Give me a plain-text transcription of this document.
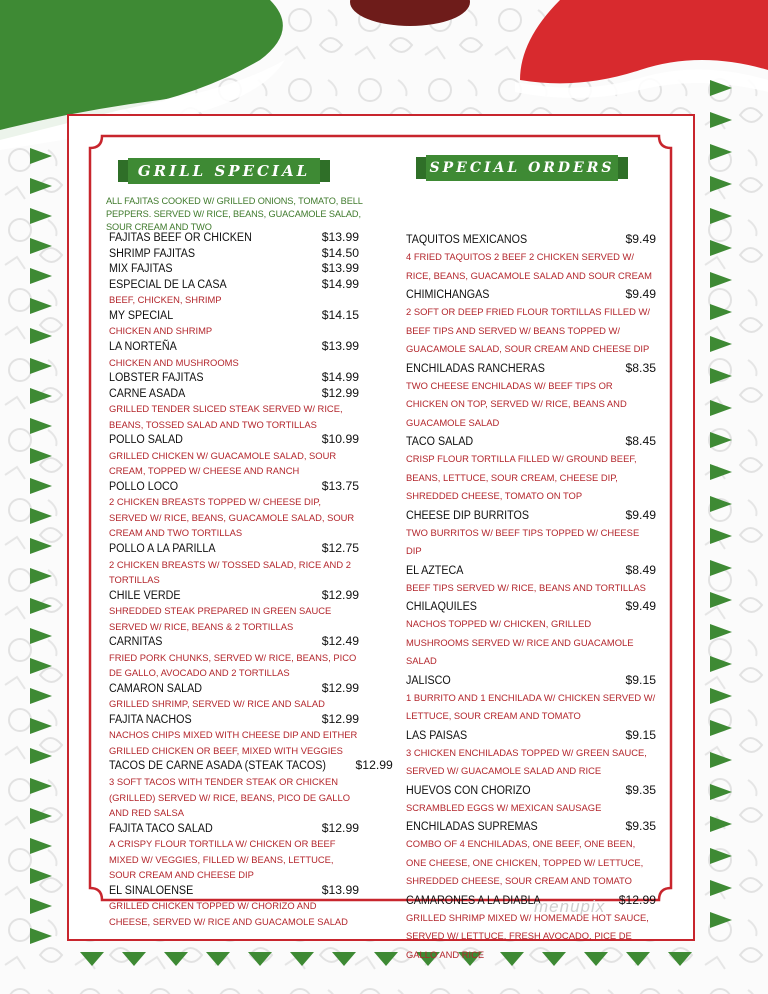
GRILL SPECIAL	SPECIAL ORDERS
ALL FAJITAS COOKED W/ GRILLED ONIONS, TOMATO, BELL PEPPERS. SERVED W/ RICE, BEANS, GUACAMOLE SALAD, SOUR CREAM AND TWO
FAJITAS BEEF OR CHICKEN	$13.99
SHRIMP FAJITAS	$14.50
MIX FAJITAS	$13.99
ESPECIAL DE LA CASA	$14.99
BEEF, CHICKEN, SHRIMP
MY SPECIAL	$14.15
CHICKEN AND SHRIMP
LA NORTEÑA	$13.99
CHICKEN AND MUSHROOMS
LOBSTER FAJITAS	$14.99
CARNE ASADA	$12.99
GRILLED TENDER SLICED STEAK SERVED W/ RICE, BEANS, TOSSED SALAD AND TWO TORTILLAS
POLLO SALAD	$10.99
GRILLED CHICKEN W/ GUACAMOLE SALAD, SOUR CREAM, TOPPED W/ CHEESE AND RANCH
POLLO LOCO	$13.75
2 CHICKEN BREASTS TOPPED W/ CHEESE DIP, SERVED W/ RICE, BEANS, GUACAMOLE SALAD, SOUR CREAM AND TWO TORTILLAS
POLLO A LA PARILLA	$12.75
2 CHICKEN BREASTS W/ TOSSED SALAD, RICE AND 2 TORTILLAS
CHILE VERDE	$12.99
SHREDDED STEAK PREPARED IN GREEN SAUCE SERVED W/ RICE, BEANS & 2 TORTILLAS
CARNITAS	$12.49
FRIED PORK CHUNKS, SERVED W/ RICE, BEANS, PICO DE GALLO, AVOCADO AND 2 TORTILLAS
CAMARON SALAD	$12.99
GRILLED SHRIMP, SERVED W/ RICE AND SALAD
FAJITA NACHOS	$12.99
NACHOS CHIPS MIXED WITH CHEESE DIP AND EITHER GRILLED CHICKEN OR BEEF, MIXED WITH VEGGIES
TACOS DE CARNE ASADA (STEAK TACOS) $12.99
3 SOFT TACOS WITH TENDER STEAK OR CHICKEN (GRILLED) SERVED W/ RICE, BEANS, PICO DE GALLO AND RED SALSA
FAJITA TACO SALAD	$12.99
A CRISPY FLOUR TORTILLA W/ CHICKEN OR BEEF MIXED W/ VEGGIES, FILLED W/ BEANS, LETTUCE, SOUR CREAM AND CHEESE DIP
EL SINALOENSE	$13.99
GRILLED CHICKEN TOPPED W/ CHORIZO AND CHEESE, SERVED W/ RICE AND GUACAMOLE SALAD
TAQUITOS MEXICANOS	$9.49
4 FRIED TAQUITOS 2 BEEF 2 CHICKEN SERVED W/ RICE, BEANS, GUACAMOLE SALAD AND SOUR CREAM
CHIMICHANGAS	$9.49
2 SOFT OR DEEP FRIED FLOUR TORTILLAS FILLED W/ BEEF TIPS AND SERVED W/ BEANS TOPPED W/ GUACAMOLE SALAD, SOUR CREAM AND CHEESE DIP
ENCHILADAS RANCHERAS	$8.35
TWO CHEESE ENCHILADAS W/ BEEF TIPS OR CHICKEN ON TOP, SERVED W/ RICE, BEANS AND GUACAMOLE SALAD
TACO SALAD	$8.45
CRISP FLOUR TORTILLA FILLED W/ GROUND BEEF, BEANS, LETTUCE, SOUR CREAM, CHEESE DIP, SHREDDED CHEESE, TOMATO ON TOP
CHEESE DIP BURRITOS	$9.49
TWO BURRITOS W/ BEEF TIPS TOPPED W/ CHEESE DIP
EL AZTECA	$8.49
BEEF TIPS SERVED W/ RICE, BEANS AND TORTILLAS
CHILAQUILES	$9.49
NACHOS TOPPED W/ CHICKEN, GRILLED MUSHROOMS SERVED W/ RICE AND GUACAMOLE SALAD
JALISCO	$9.15
1 BURRITO AND 1 ENCHILADA W/ CHICKEN SERVED W/ LETTUCE, SOUR CREAM AND TOMATO
LAS PAISAS	$9.15
3 CHICKEN ENCHILADAS TOPPED W/ GREEN SAUCE, SERVED W/ GUACAMOLE SALAD AND RICE
HUEVOS CON CHORIZO	$9.35
SCRAMBLED EGGS W/ MEXICAN SAUSAGE
ENCHILADAS SUPREMAS	$9.35
COMBO OF 4 ENCHILADAS, ONE BEEF, ONE BEEN, ONE CHEESE, ONE CHICKEN, TOPPED W/ LETTUCE, SHREDDED CHEESE, SOUR CREAM AND TOMATO
CAMARONES A LA DIABLA	$12.99
GRILLED SHRIMP MIXED W/ HOMEMADE HOT SAUCE, SERVED W/ LETTUCE, FRESH AVOCADO, PICE DE GALLO AND RICE
menupix
